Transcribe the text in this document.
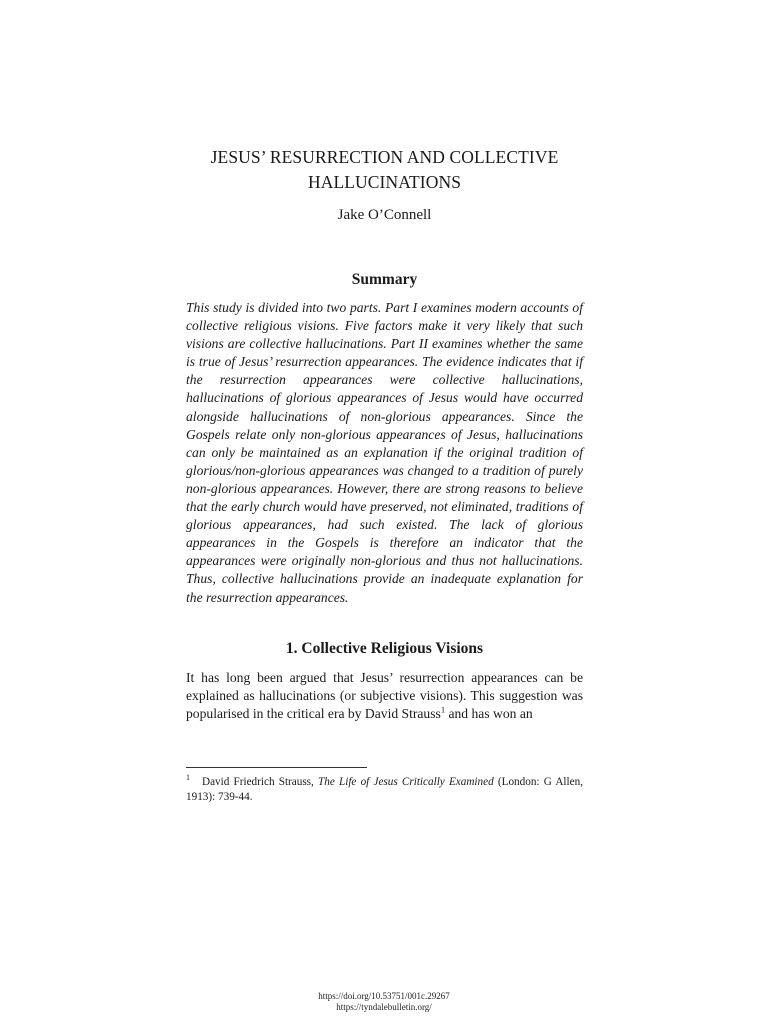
JESUS’ RESURRECTION AND COLLECTIVE
HALLUCINATIONS
Jake O’Connell
Summary

This study is divided into two parts. Part I examines modern accounts of collective religious visions. Five factors make it very likely that such visions are collective hallucinations. Part II examines whether the same is true of Jesus’ resurrection appearances. The evidence indicates that if the resurrection appearances were collective hallucinations, hallucinations of glorious appearances of Jesus would have occurred alongside hallucinations of non-glorious appearances. Since the Gospels relate only non-glorious appearances of Jesus, hallucinations can only be maintained as an explanation if the original tradition of glorious/non-glorious appearances was changed to a tradition of purely non-glorious appearances. However, there are strong reasons to believe that the early church would have preserved, not eliminated, traditions of glorious appearances, had such existed. The lack of glorious appearances in the Gospels is therefore an indicator that the appearances were originally non-glorious and thus not hallucinations. Thus, collective hallucinations provide an inadequate explanation for the resurrection appearances.

1. Collective Religious Visions

It has long been argued that Jesus’ resurrection appearances can be explained as hallucinations (or subjective visions). This suggestion was popularised in the critical era by David Strauss$^1$ and has won an

1 David Friedrich Strauss, The Life of Jesus Critically Examined (London: G Allen, 1913): 739-44.

https://doi.org/10.53751/001c.29267
https://tyndalebulletin.org/
